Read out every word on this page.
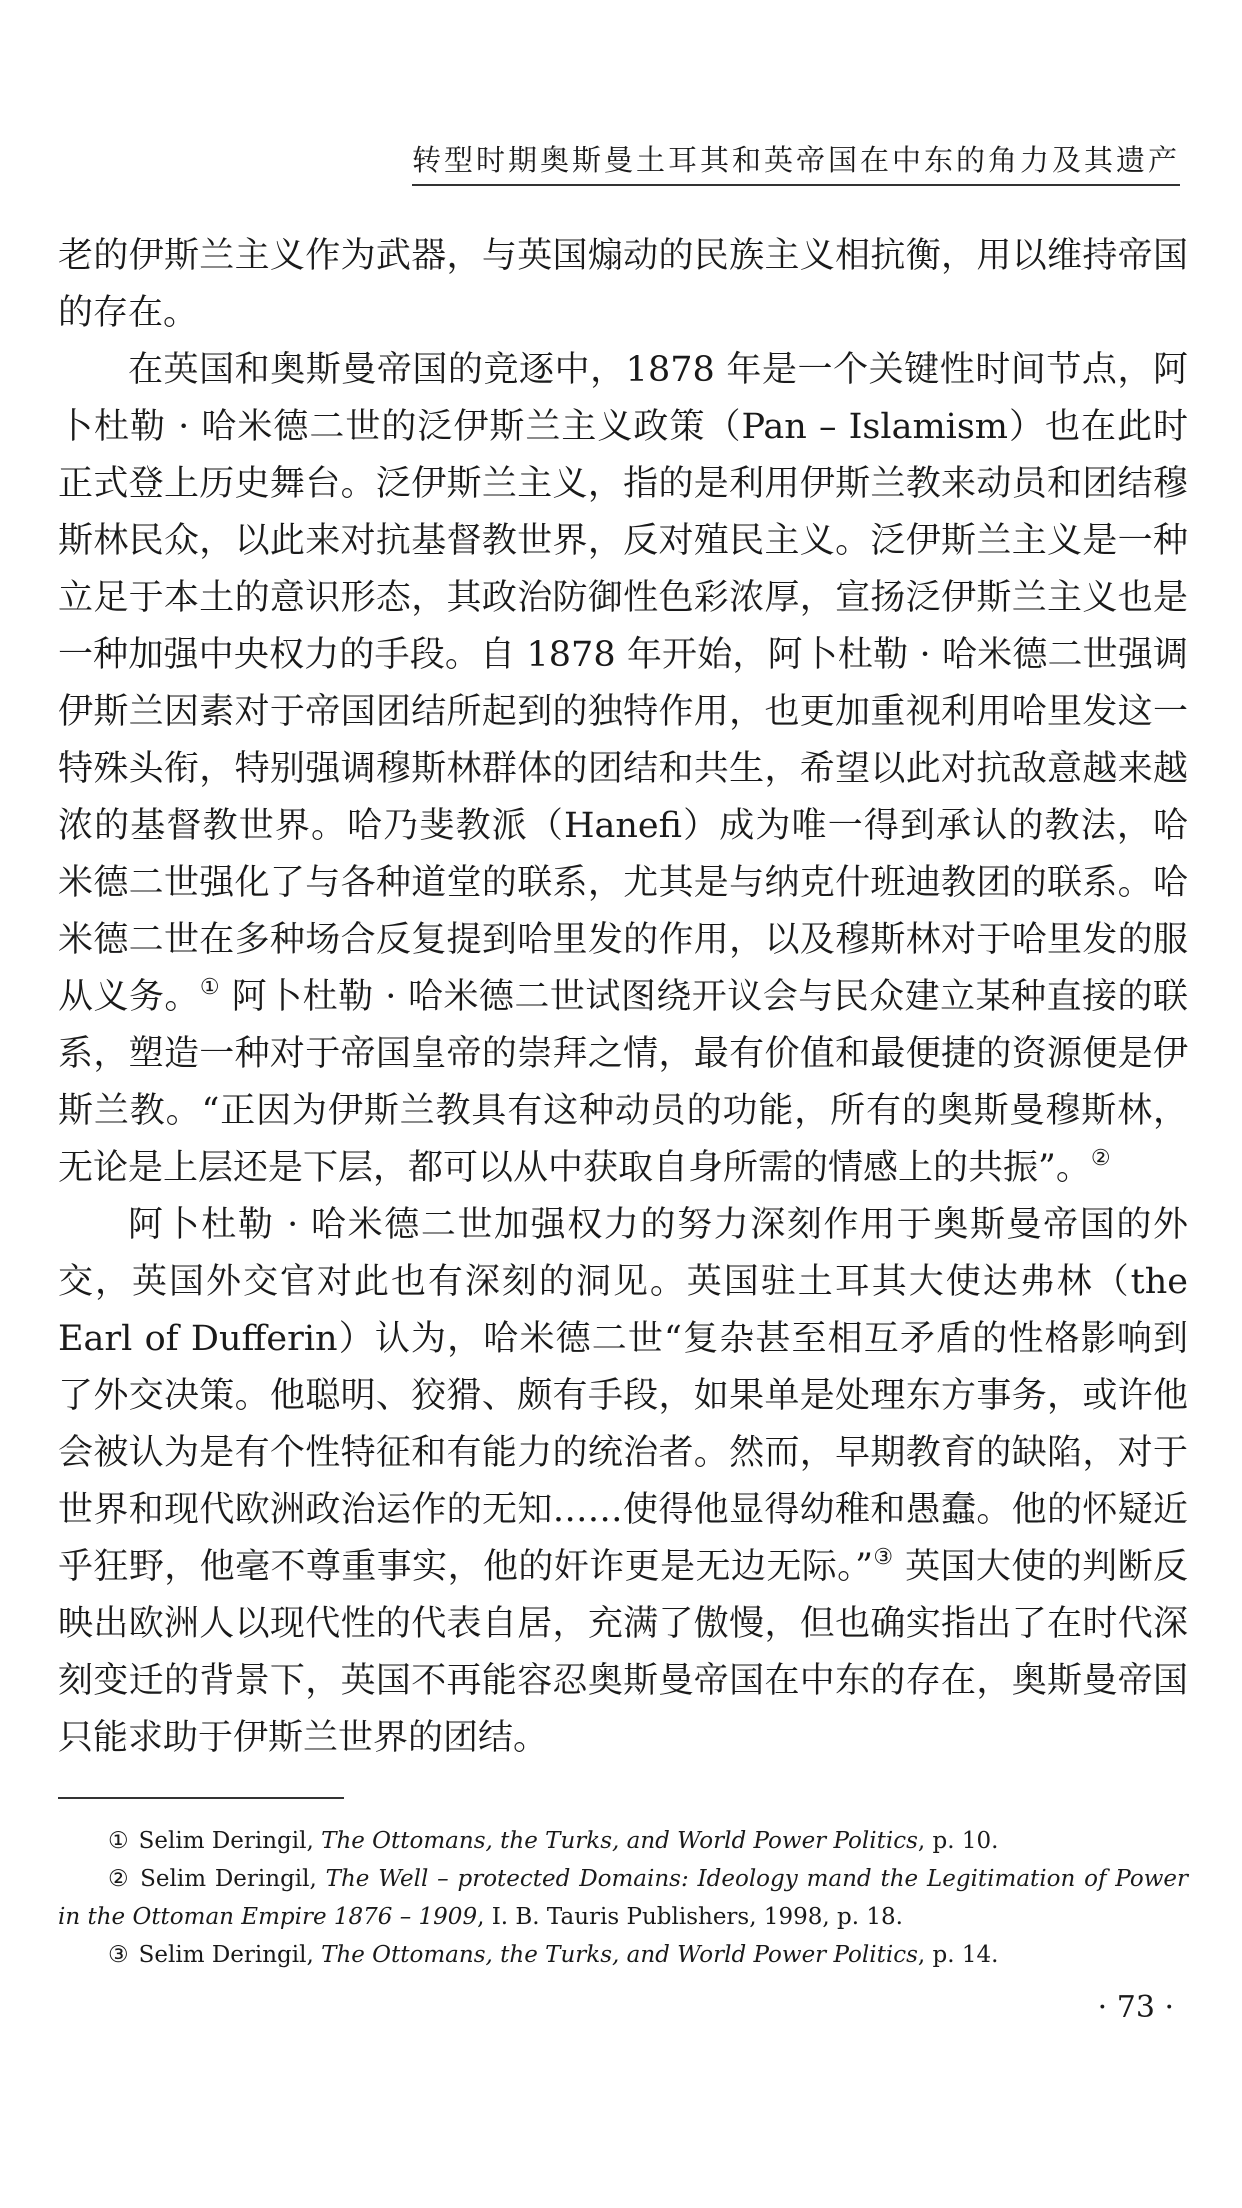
转型时期奥斯曼土耳其和英帝国在中东的角力及其遗产

老的伊斯兰主义作为武器，与英国煽动的民族主义相抗衡，用以维持帝国的存在。

在英国和奥斯曼帝国的竞逐中，1878 年是一个关键性时间节点，阿卜杜勒 · 哈米德二世的泛伊斯兰主义政策（Pan – Islamism）也在此时正式登上历史舞台。泛伊斯兰主义，指的是利用伊斯兰教来动员和团结穆斯林民众，以此来对抗基督教世界，反对殖民主义。泛伊斯兰主义是一种立足于本土的意识形态，其政治防御性色彩浓厚，宣扬泛伊斯兰主义也是一种加强中央权力的手段。自 1878 年开始，阿卜杜勒 · 哈米德二世强调伊斯兰因素对于帝国团结所起到的独特作用，也更加重视利用哈里发这一特殊头衔，特别强调穆斯林群体的团结和共生，希望以此对抗敌意越来越浓的基督教世界。哈乃斐教派（Hanefi）成为唯一得到承认的教法，哈米德二世强化了与各种道堂的联系，尤其是与纳克什班迪教团的联系。哈米德二世在多种场合反复提到哈里发的作用，以及穆斯林对于哈里发的服从义务。① 阿卜杜勒 · 哈米德二世试图绕开议会与民众建立某种直接的联系，塑造一种对于帝国皇帝的崇拜之情，最有价值和最便捷的资源便是伊斯兰教。“正因为伊斯兰教具有这种动员的功能，所有的奥斯曼穆斯林，无论是上层还是下层，都可以从中获取自身所需的情感上的共振”。②

阿卜杜勒 · 哈米德二世加强权力的努力深刻作用于奥斯曼帝国的外交，英国外交官对此也有深刻的洞见。英国驻土耳其大使达弗林（the Earl of Dufferin）认为，哈米德二世“复杂甚至相互矛盾的性格影响到了外交决策。他聪明、狡猾、颇有手段，如果单是处理东方事务，或许他会被认为是有个性特征和有能力的统治者。然而，早期教育的缺陷，对于世界和现代欧洲政治运作的无知……使得他显得幼稚和愚蠢。他的怀疑近乎狂野，他毫不尊重事实，他的奸诈更是无边无际。”③ 英国大使的判断反映出欧洲人以现代性的代表自居，充满了傲慢，但也确实指出了在时代深刻变迁的背景下，英国不再能容忍奥斯曼帝国在中东的存在，奥斯曼帝国只能求助于伊斯兰世界的团结。

① Selim Deringil, The Ottomans, the Turks, and World Power Politics, p. 10.

② Selim Deringil, The Well – protected Domains: Ideology mand the Legitimation of Power in the Ottoman Empire 1876 – 1909, I. B. Tauris Publishers, 1998, p. 18.

③ Selim Deringil, The Ottomans, the Turks, and World Power Politics, p. 14.

· 73 ·
